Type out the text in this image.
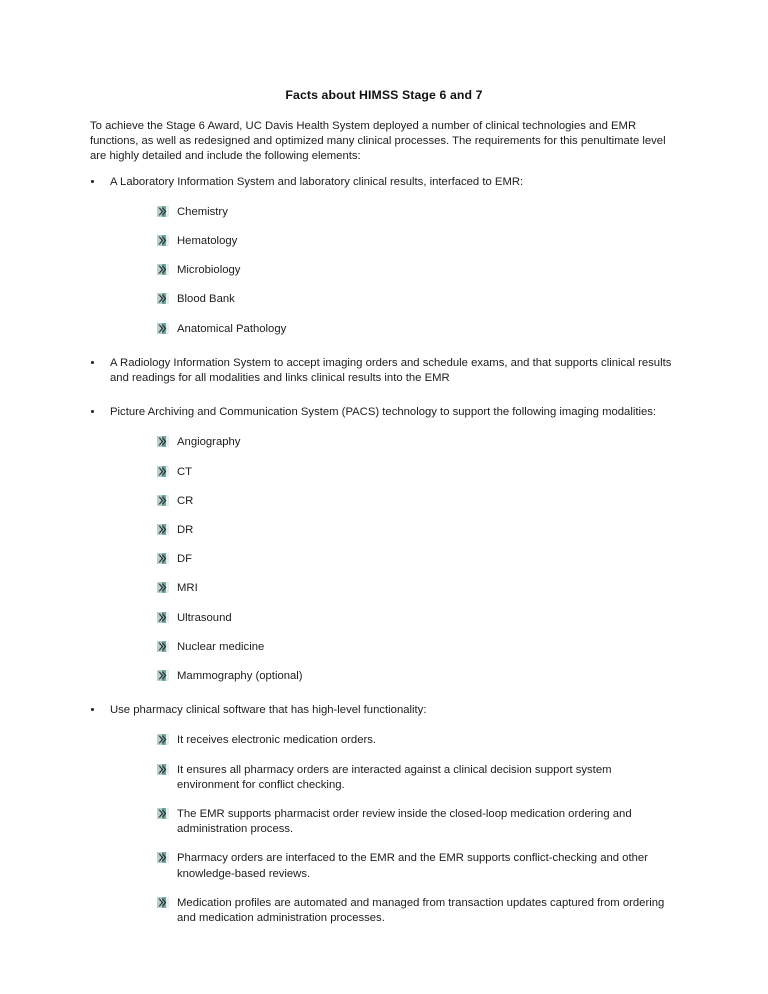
Facts about HIMSS Stage 6 and 7

To achieve the Stage 6 Award, UC Davis Health System deployed a number of clinical technologies and EMR functions, as well as redesigned and optimized many clinical processes. The requirements for this penultimate level are highly detailed and include the following elements:

A Laboratory Information System and laboratory clinical results, interfaced to EMR:
Chemistry
Hematology
Microbiology
Blood Bank
Anatomical Pathology
A Radiology Information System to accept imaging orders and schedule exams, and that supports clinical results and readings for all modalities and links clinical results into the EMR
Picture Archiving and Communication System (PACS) technology to support the following imaging modalities:
Angiography
CT
CR
DR
DF
MRI
Ultrasound
Nuclear medicine
Mammography (optional)
Use pharmacy clinical software that has high-level functionality:
It receives electronic medication orders.
It ensures all pharmacy orders are interacted against a clinical decision support system environment for conflict checking.
The EMR supports pharmacist order review inside the closed-loop medication ordering and administration process.
Pharmacy orders are interfaced to the EMR and the EMR supports conflict-checking and other knowledge-based reviews.
Medication profiles are automated and managed from transaction updates captured from ordering and medication administration processes.
